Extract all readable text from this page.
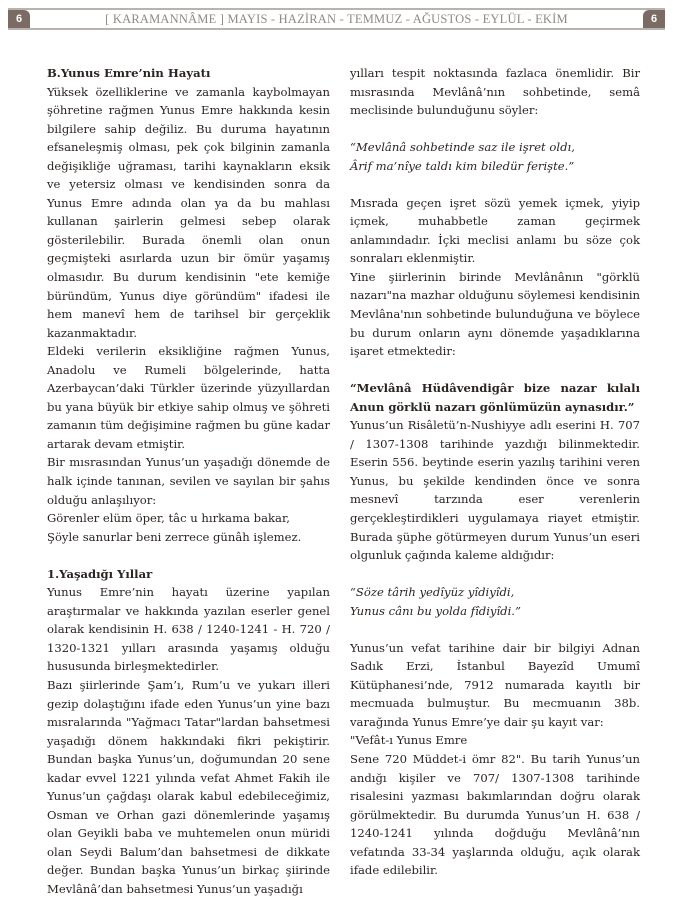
6	[ KARAMANNÂME ] MAYIS - HAZİRAN - TEMMUZ - AĞUSTOS - EYLÜL - EKİM	6

B.Yunus Emre’nin Hayatı

Yüksek özelliklerine ve zamanla kaybolmayan şöhretine rağmen Yunus Emre hakkında kesin bilgilere sahip değiliz. Bu duruma hayatının efsaneleşmiş olması, pek çok bilginin zamanla değişikliğe uğraması, tarihi kaynakların eksik ve yetersiz olması ve kendisinden sonra da Yunus Emre adında olan ya da bu mahlası kullanan şairlerin gelmesi sebep olarak gösterilebilir. Burada önemli olan onun geçmişteki asırlarda uzun bir ömür yaşamış olmasıdır. Bu durum kendisinin "ete kemiğe büründüm, Yunus diye göründüm" ifadesi ile hem manevî hem de tarihsel bir gerçeklik kazanmaktadır.

Eldeki verilerin eksikliğine rağmen Yunus, Anadolu ve Rumeli bölgelerinde, hatta Azerbaycan’daki Türkler üzerinde yüzyıllardan bu yana büyük bir etkiye sahip olmuş ve şöhreti zamanın tüm değişimine rağmen bu güne kadar artarak devam etmiştir.

Bir mısrasından Yunus’un yaşadığı dönemde de halk içinde tanınan, sevilen ve sayılan bir şahıs olduğu anlaşılıyor:

Görenler elüm öper, tâc u hırkama bakar,

Şöyle sanurlar beni zerrece günâh işlemez.

1.Yaşadığı Yıllar

Yunus Emre’nin hayatı üzerine yapılan araştırmalar ve hakkında yazılan eserler genel olarak kendisinin H. 638 / 1240-1241 - H. 720 / 1320-1321 yılları arasında yaşamış olduğu hususunda birleşmektedirler.

Bazı şiirlerinde Şam’ı, Rum’u ve yukarı illeri gezip dolaştığını ifade eden Yunus’un yine bazı mısralarında "Yağmacı Tatar"lardan bahsetmesi yaşadığı dönem hakkındaki fikri pekiştirir. Bundan başka Yunus’un, doğumundan 20 sene kadar evvel 1221 yılında vefat Ahmet Fakih ile Yunus’un çağdaşı olarak kabul edebileceğimiz, Osman ve Orhan gazi dönemlerinde yaşamış olan Geyikli baba ve muhtemelen onun müridi olan Seydi Balum’dan bahsetmesi de dikkate değer. Bundan başka Yunus’un birkaç şiirinde Mevlânâ’dan bahsetmesi Yunus’un yaşadığı

yılları tespit noktasında fazlaca önemlidir. Bir mısrasında Mevlânâ’nın sohbetinde, semâ meclisinde bulunduğunu söyler:

“Mevlânâ sohbetinde saz ile işret oldı,

Ârif ma’nîye taldı kim biledür ferişte.”

Mısrada geçen işret sözü yemek içmek, yiyip içmek, muhabbetle zaman geçirmek anlamındadır. İçki meclisi anlamı bu söze çok sonraları eklenmiştir.

Yine şiirlerinin birinde Mevlânânın "görklü nazarı"na mazhar olduğunu söylemesi kendisinin Mevlâna'nın sohbetinde bulunduğuna ve böylece bu durum onların aynı dönemde yaşadıklarına işaret etmektedir:

“Mevlânâ Hüdâvendigâr bize nazar kılalı Anun görklü nazarı gönlümüzün aynasıdır.”

Yunus’un Risâletü’n-Nushiyye adlı eserini H. 707 / 1307-1308 tarihinde yazdığı bilinmektedir. Eserin 556. beytinde eserin yazılış tarihini veren Yunus, bu şekilde kendinden önce ve sonra mesnevî tarzında eser verenlerin gerçekleştirdikleri uygulamaya riayet etmiştir. Burada şüphe götürmeyen durum Yunus’un eseri olgunluk çağında kaleme aldığıdır:

“Söze târih yedîyüz yîdiyîdi,

Yunus cânı bu yolda fîdiyîdi.”

Yunus’un vefat tarihine dair bir bilgiyi Adnan Sadık Erzi, İstanbul Bayezîd Umumî Kütüphanesi’nde, 7912 numarada kayıtlı bir mecmuada bulmuştur. Bu mecmuanın 38b. varağında Yunus Emre’ye dair şu kayıt var:

"Vefât-ı Yunus Emre

Sene 720 Müddet-i ömr 82". Bu tarih Yunus’un andığı kişiler ve 707/ 1307-1308 tarihinde risalesini yazması bakımlarından doğru olarak görülmektedir. Bu durumda Yunus’un H. 638 / 1240-1241 yılında doğduğu Mevlânâ’nın vefatında 33-34 yaşlarında olduğu, açık olarak ifade edilebilir.
